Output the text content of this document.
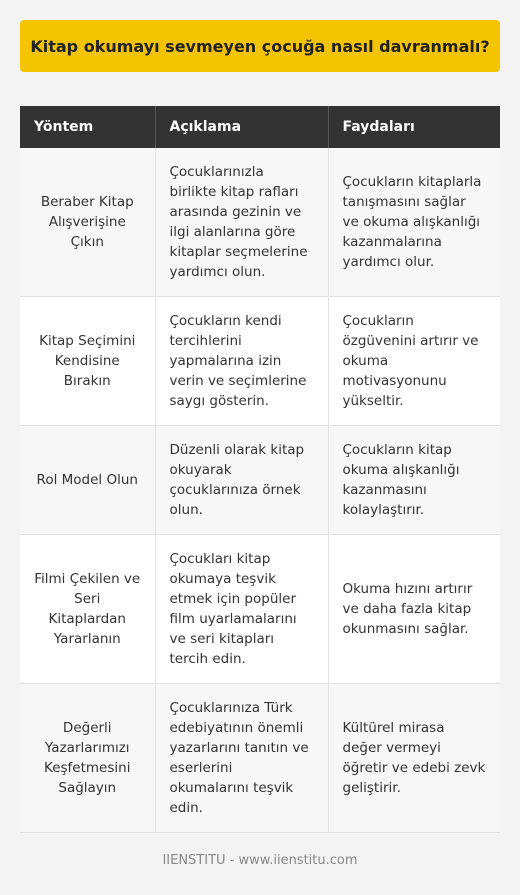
Kitap okumayı sevmeyen çocuğa nasıl davranmalı?
Yöntem	Açıklama	Faydaları
Beraber Kitap Alışverişine Çıkın	Çocuklarınızla birlikte kitap rafları arasında gezinin ve ilgi alanlarına göre kitaplar seçmelerine yardımcı olun.	Çocukların kitaplarla tanışmasını sağlar ve okuma alışkanlığı kazanmalarına yardımcı olur.
Kitap Seçimini Kendisine Bırakın	Çocukların kendi tercihlerini yapmalarına izin verin ve seçimlerine saygı gösterin.	Çocukların özgüvenini artırır ve okuma motivasyonunu yükseltir.
Rol Model Olun	Düzenli olarak kitap okuyarak çocuklarınıza örnek olun.	Çocukların kitap okuma alışkanlığı kazanmasını kolaylaştırır.
Filmi Çekilen ve Seri Kitaplardan Yararlanın	Çocukları kitap okumaya teşvik etmek için popüler film uyarlamalarını ve seri kitapları tercih edin.	Okuma hızını artırır ve daha fazla kitap okunmasını sağlar.
Değerli Yazarlarımızı Keşfetmesini Sağlayın	Çocuklarınıza Türk edebiyatının önemli yazarlarını tanıtın ve eserlerini okumalarını teşvik edin.	Kültürel mirasa değer vermeyi öğretir ve edebi zevk geliştirir.
IIENSTITU - www.iienstitu.com
